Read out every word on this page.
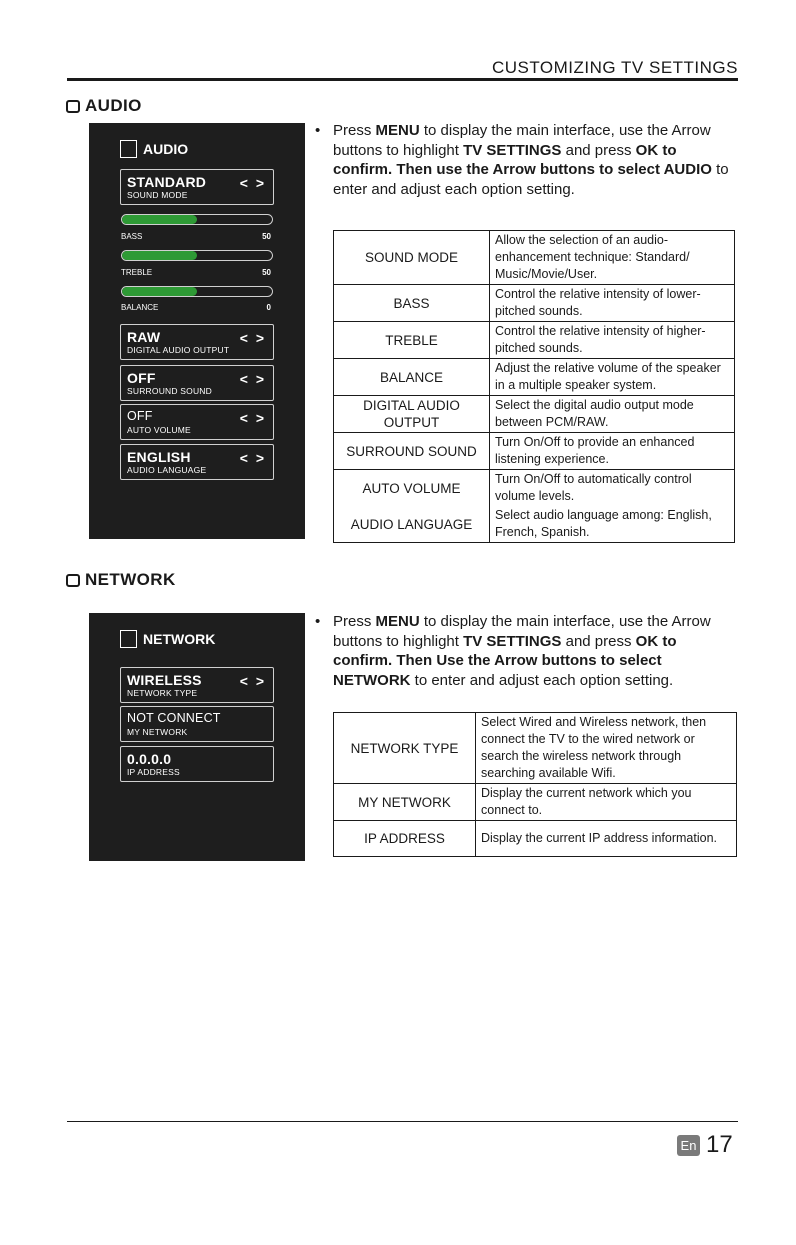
CUSTOMIZING TV SETTINGS
AUDIO
AUDIO
STANDARD
SOUND MODE
< >
BASS	50
TREBLE	50
BALANCE	0
RAW
DIGITAL AUDIO OUTPUT
< >
OFF
SURROUND SOUND
< >
OFF
AUTO VOLUME
< >
ENGLISH
AUDIO LANGUAGE
< >
• Press MENU to display the main interface, use the Arrow buttons to highlight TV SETTINGS and press OK to confirm. Then use the Arrow buttons to select AUDIO to enter and adjust each option setting.
SOUND MODE	Allow the selection of an audio-enhancement technique: Standard/ Music/Movie/User.
BASS	Control the relative intensity of lower-pitched sounds.
TREBLE	Control the relative intensity of higher-pitched sounds.
BALANCE	Adjust the relative volume of the speaker in a multiple speaker system.
DIGITAL AUDIO OUTPUT	Select the digital audio output mode between PCM/RAW.
SURROUND SOUND	Turn On/Off to provide an enhanced listening experience.
AUTO VOLUME	Turn On/Off to automatically control volume levels.
AUDIO LANGUAGE	Select audio language among: English, French, Spanish.
NETWORK
NETWORK
WIRELESS
NETWORK TYPE
< >
NOT CONNECT
MY NETWORK
0.0.0.0
IP ADDRESS
• Press MENU to display the main interface, use the Arrow buttons to highlight TV SETTINGS and press OK to confirm. Then Use the Arrow buttons to select NETWORK to enter and adjust each option setting.
NETWORK TYPE	Select Wired and Wireless network, then connect the TV to the wired network or search the wireless network through searching available Wifi.
MY NETWORK	Display the current network which you connect to.
IP ADDRESS	Display the current IP address information.
En 17
